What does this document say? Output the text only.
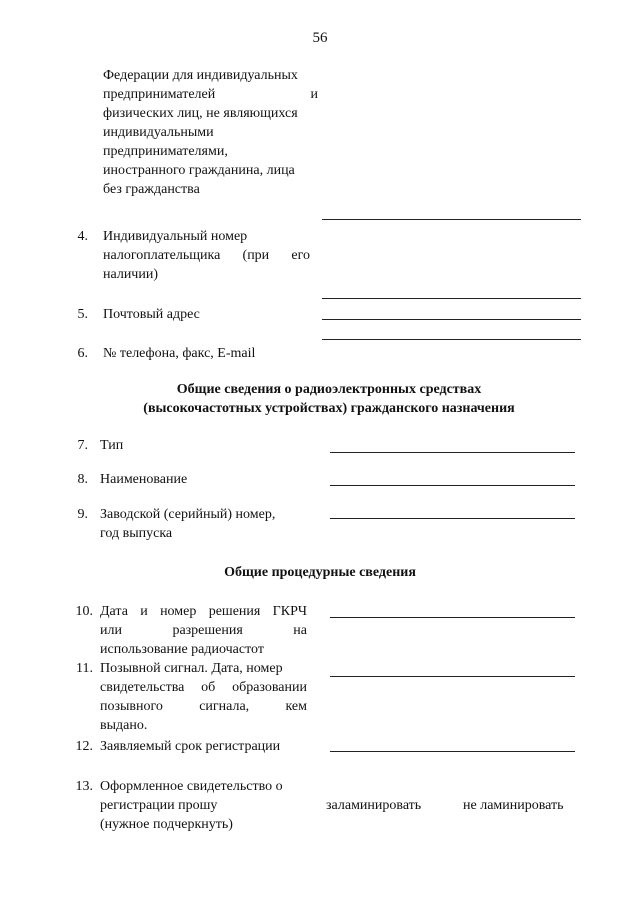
56
Федерации для индивидуальных
предпринимателей	и
физических лиц, не являющихся
индивидуальными
предпринимателями,
иностранного гражданина, лица
без гражданства
4. Индивидуальный номер
налогоплательщика (при его
наличии)
5. Почтовый адрес
6. № телефона, факс, E-mail
Общие сведения о радиоэлектронных средствах
(высокочастотных устройствах) гражданского назначения
7. Тип
8. Наименование
9. Заводской (серийный) номер,
год выпуска
Общие процедурные сведения
10. Дата и номер решения ГКРЧ
или	разрешения	на
использование радиочастот
11. Позывной сигнал. Дата, номер
свидетельства об образовании
позывного	сигнала,	кем
выдано.
12. Заявляемый срок регистрации
13. Оформленное свидетельство о
регистрации прошу
(нужное подчеркнуть)
заламинировать	не ламинировать
